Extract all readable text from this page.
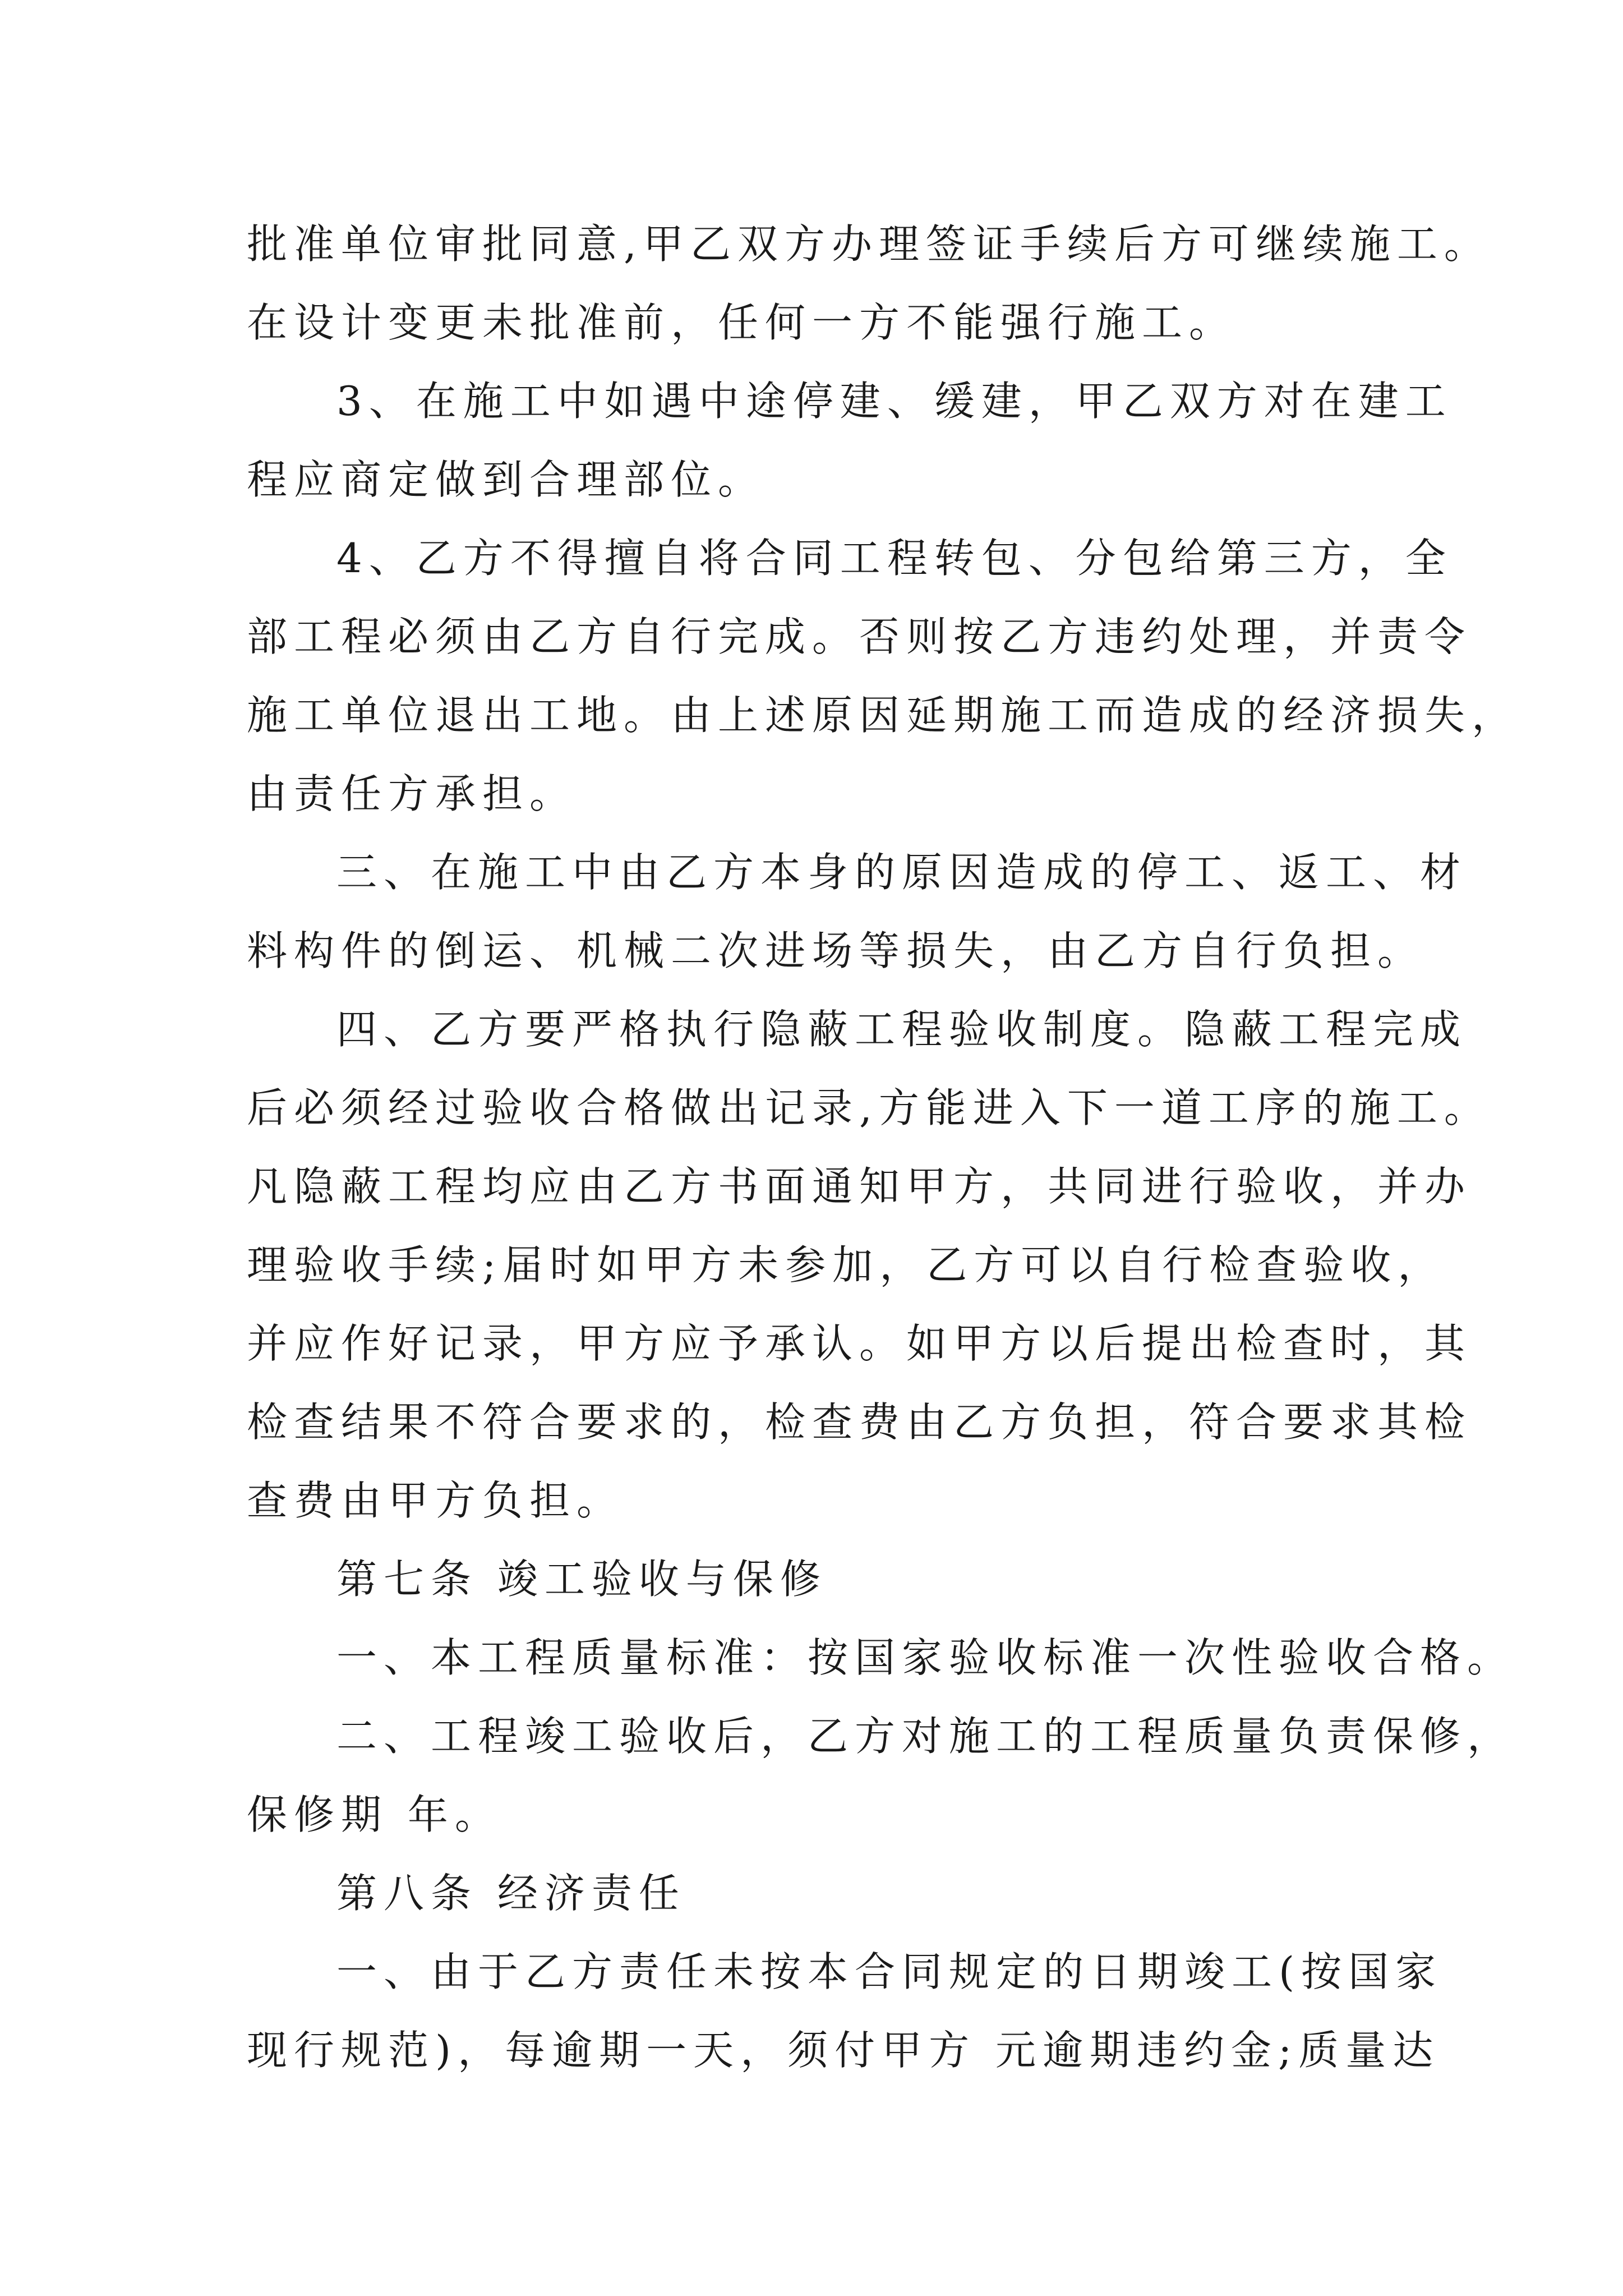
批准单位审批同意,甲乙双方办理签证手续后方可继续施工。
在设计变更未批准前，任何一方不能强行施工。
3、在施工中如遇中途停建、缓建，甲乙双方对在建工
程应商定做到合理部位。
4、乙方不得擅自将合同工程转包、分包给第三方，全
部工程必须由乙方自行完成。否则按乙方违约处理，并责令
施工单位退出工地。由上述原因延期施工而造成的经济损失，
由责任方承担。
三、在施工中由乙方本身的原因造成的停工、返工、材
料构件的倒运、机械二次进场等损失，由乙方自行负担。
四、乙方要严格执行隐蔽工程验收制度。隐蔽工程完成
后必须经过验收合格做出记录,方能进入下一道工序的施工。
凡隐蔽工程均应由乙方书面通知甲方，共同进行验收，并办
理验收手续;届时如甲方未参加，乙方可以自行检查验收，
并应作好记录，甲方应予承认。如甲方以后提出检查时，其
检查结果不符合要求的，检查费由乙方负担，符合要求其检
查费由甲方负担。
第七条 竣工验收与保修
一、本工程质量标准：按国家验收标准一次性验收合格。
二、工程竣工验收后，乙方对施工的工程质量负责保修，
保修期 年。
第八条 经济责任
一、由于乙方责任未按本合同规定的日期竣工(按国家
现行规范)，每逾期一天，须付甲方 元逾期违约金;质量达
